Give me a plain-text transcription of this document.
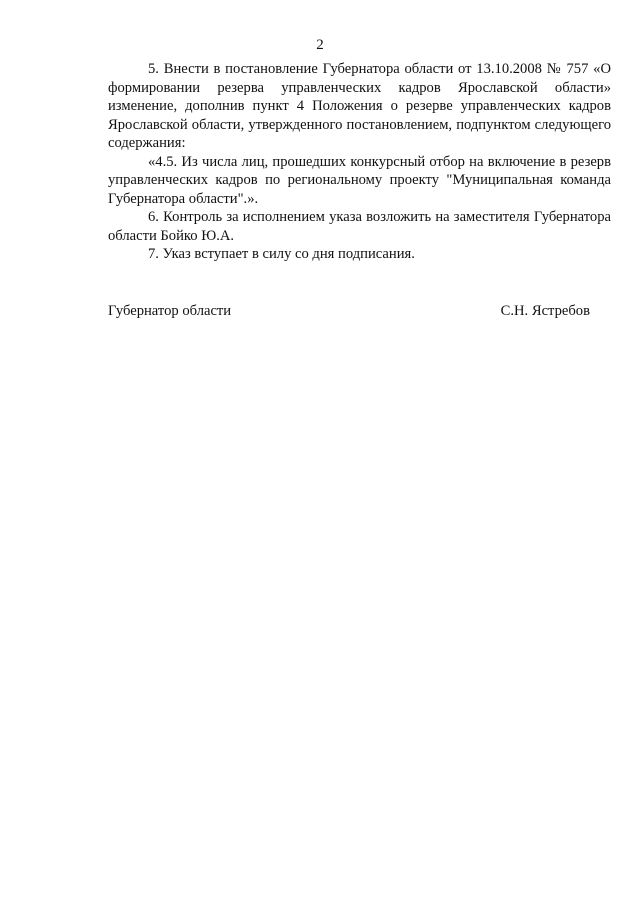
2

5. Внести в постановление Губернатора области от 13.10.2008 № 757 «О формировании резерва управленческих кадров Ярославской области» изменение, дополнив пункт 4 Положения о резерве управленческих кадров Ярославской области, утвержденного постановлением, подпунктом следующего содержания:

«4.5. Из числа лиц, прошедших конкурсный отбор на включение в резерв управленческих кадров по региональному проекту "Муниципальная команда Губернатора области".».

6. Контроль за исполнением указа возложить на заместителя Губернатора области Бойко Ю.А.

7. Указ вступает в силу со дня подписания.

Губернатор области	С.Н. Ястребов
